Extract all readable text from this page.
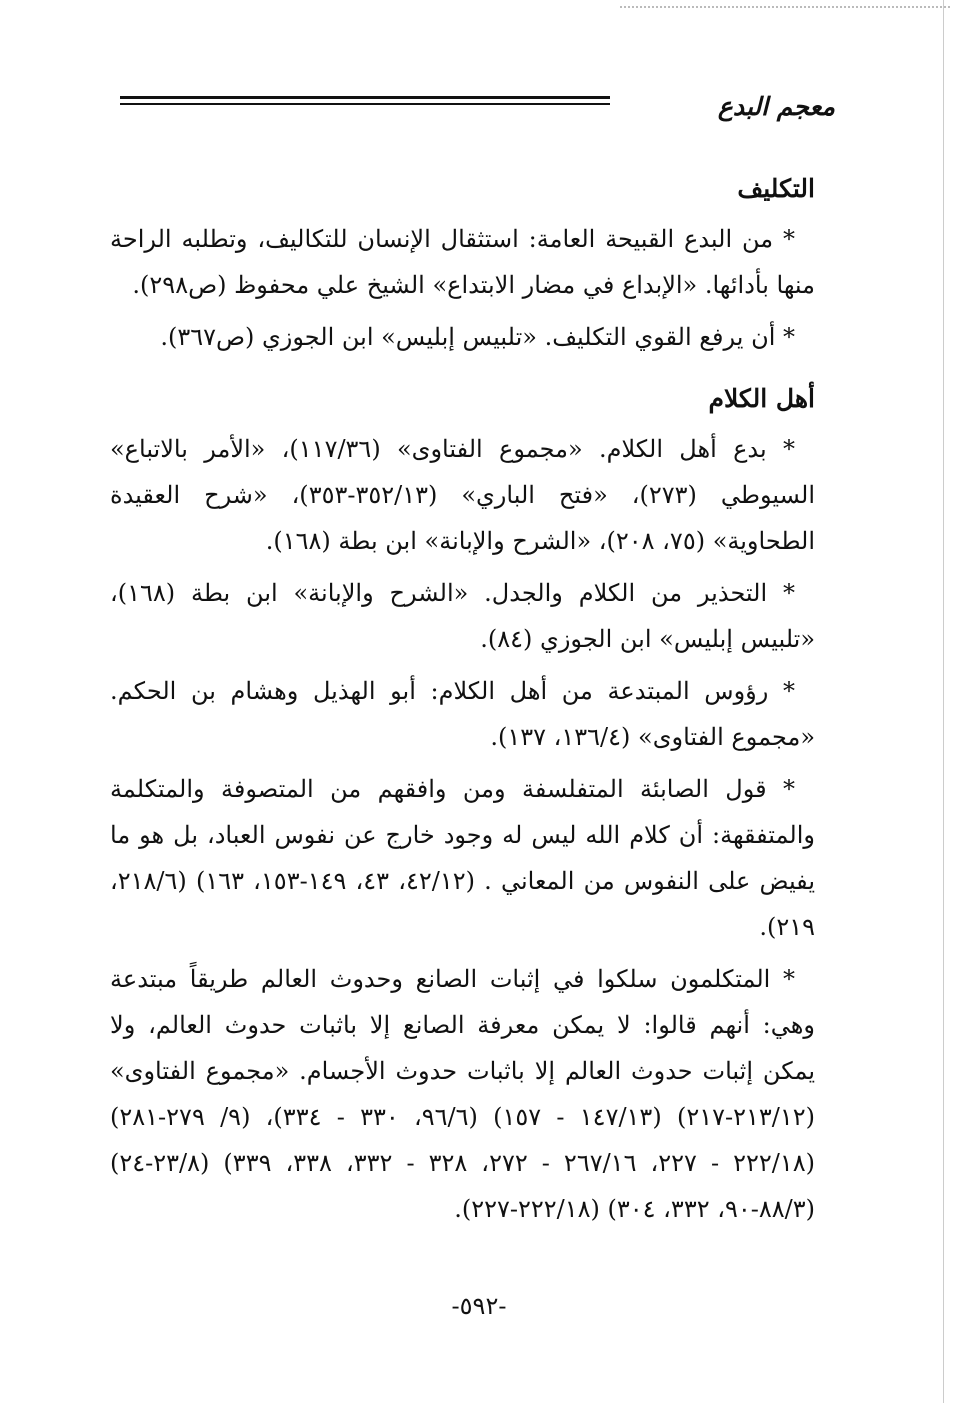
معجم البدع
التكليف

* من البدع القبيحة العامة: استثقال الإنسان للتكاليف، وتطلبه الراحة منها بأدائها. «الإبداع في مضار الابتداع» الشيخ علي محفوظ (ص٢٩٨).

* أن يرفع القوي التكليف. «تلبيس إبليس» ابن الجوزي (ص٣٦٧).

أهل الكلام

* بدع أهل الكلام. «مجموع الفتاوى» (١١٧/٣٦)، «الأمر بالاتباع» السيوطي (٢٧٣)، «فتح الباري» (٣٥٢/١٣-٣٥٣)، «شرح العقيدة الطحاوية» (٧٥، ٢٠٨)، «الشرح والإبانة» ابن بطة (١٦٨).

* التحذير من الكلام والجدل. «الشرح والإبانة» ابن بطة (١٦٨)، «تلبيس إبليس» ابن الجوزي (٨٤).

* رؤوس المبتدعة من أهل الكلام: أبو الهذيل وهشام بن الحكم. «مجموع الفتاوى» (١٣٦/٤، ١٣٧).

* قول الصابئة المتفلسفة ومن وافقهم من المتصوفة والمتكلمة والمتفقهة: أن كلام الله ليس له وجود خارج عن نفوس العباد، بل هو ما يفيض على النفوس من المعاني . (٤٢/١٢، ٤٣، ١٤٩-١٥٣، ١٦٣) (٢١٨/٦، ٢١٩).

* المتكلمون سلكوا في إثبات الصانع وحدوث العالم طريقاً مبتدعة وهي: أنهم قالوا: لا يمكن معرفة الصانع إلا باثبات حدوث العالم، ولا يمكن إثبات حدوث العالم إلا باثبات حدوث الأجسام. «مجموع الفتاوى» (٢١٣/١٢-٢١٧) (١٤٧/١٣ - ١٥٧) (٩٦/٦، ٣٣٠ - ٣٣٤)، (٩/ ٢٧٩-٢٨١) (٢٢٢/١٨ - ٢٢٧، ٢٦٧/١٦ - ٢٧٢، ٣٢٨ - ٣٣٢، ٣٣٨، ٣٣٩) (٢٣/٨-٢٤) (٨٨/٣-٩٠، ٣٣٢، ٣٠٤) (٢٢٢/١٨-٢٢٧).

-٥٩٢-
